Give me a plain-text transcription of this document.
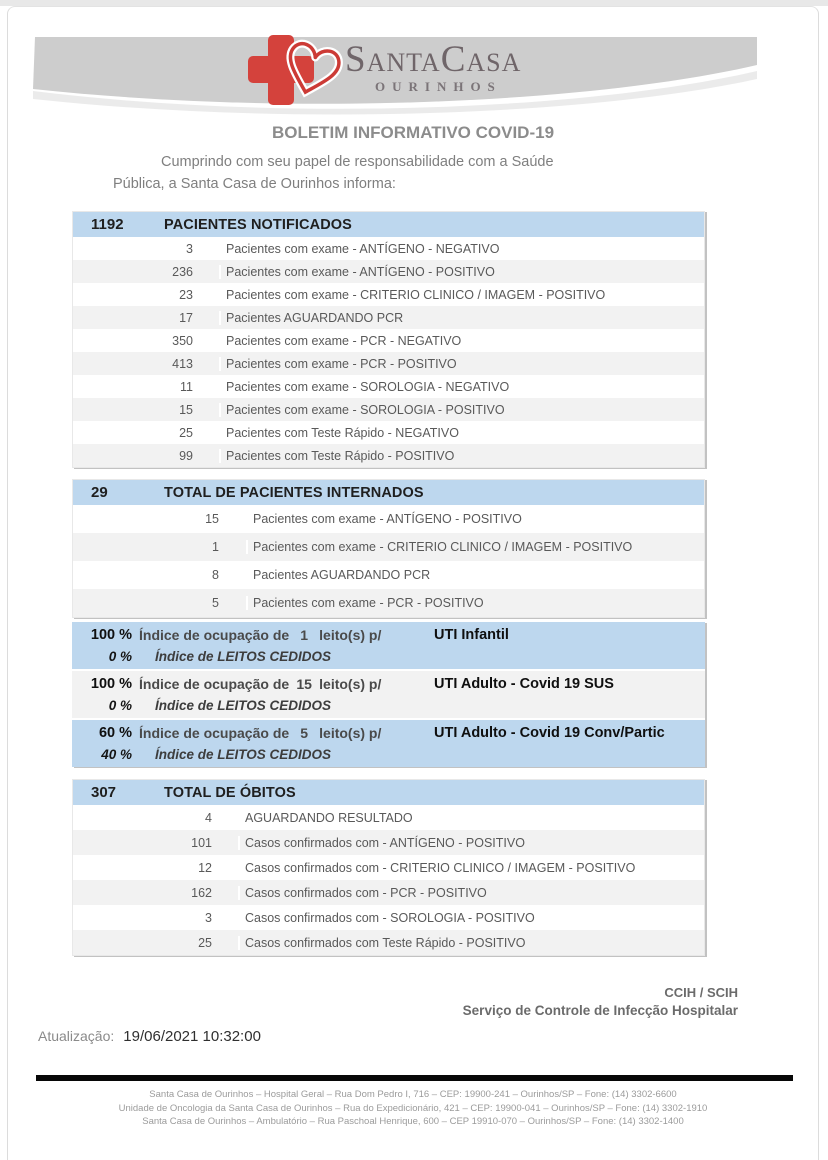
SANTACASA
OURINHOS
BOLETIM INFORMATIVO COVID-19
Cumprindo com seu papel de responsabilidade com a Saúde
Pública, a Santa Casa de Ourinhos informa:
1192	PACIENTES NOTIFICADOS
3	Pacientes com exame - ANTÍGENO - NEGATIVO
236	Pacientes com exame - ANTÍGENO - POSITIVO
23	Pacientes com exame - CRITERIO CLINICO / IMAGEM - POSITIVO
17	Pacientes AGUARDANDO PCR
350	Pacientes com exame - PCR - NEGATIVO
413	Pacientes com exame - PCR - POSITIVO
11	Pacientes com exame - SOROLOGIA - NEGATIVO
15	Pacientes com exame - SOROLOGIA - POSITIVO
25	Pacientes com Teste Rápido - NEGATIVO
99	Pacientes com Teste Rápido - POSITIVO
29	TOTAL DE PACIENTES INTERNADOS
15	Pacientes com exame - ANTÍGENO - POSITIVO
1	Pacientes com exame - CRITERIO CLINICO / IMAGEM - POSITIVO
8	Pacientes AGUARDANDO PCR
5	Pacientes com exame - PCR - POSITIVO
100 % Índice de ocupação de 1 leito(s) p/	UTI Infantil
0 % Índice de LEITOS CEDIDOS
100 % Índice de ocupação de 15 leito(s) p/	UTI Adulto - Covid 19 SUS
0 % Índice de LEITOS CEDIDOS
60 % Índice de ocupação de 5 leito(s) p/	UTI Adulto - Covid 19 Conv/Partic
40 % Índice de LEITOS CEDIDOS
307	TOTAL DE ÓBITOS
4	AGUARDANDO RESULTADO
101	Casos confirmados com - ANTÍGENO - POSITIVO
12	Casos confirmados com - CRITERIO CLINICO / IMAGEM - POSITIVO
162	Casos confirmados com - PCR - POSITIVO
3	Casos confirmados com - SOROLOGIA - POSITIVO
25	Casos confirmados com Teste Rápido - POSITIVO
CCIH / SCIH
Serviço de Controle de Infecção Hospitalar
Atualização: 19/06/2021 10:32:00
Santa Casa de Ourinhos – Hospital Geral – Rua Dom Pedro I, 716 – CEP: 19900-241 – Ourinhos/SP – Fone: (14) 3302-6600
Unidade de Oncologia da Santa Casa de Ourinhos – Rua do Expedicionário, 421 – CEP: 19900-041 – Ourinhos/SP – Fone: (14) 3302-1910
Santa Casa de Ourinhos – Ambulatório – Rua Paschoal Henrique, 600 – CEP 19910-070 – Ourinhos/SP – Fone: (14) 3302-1400
